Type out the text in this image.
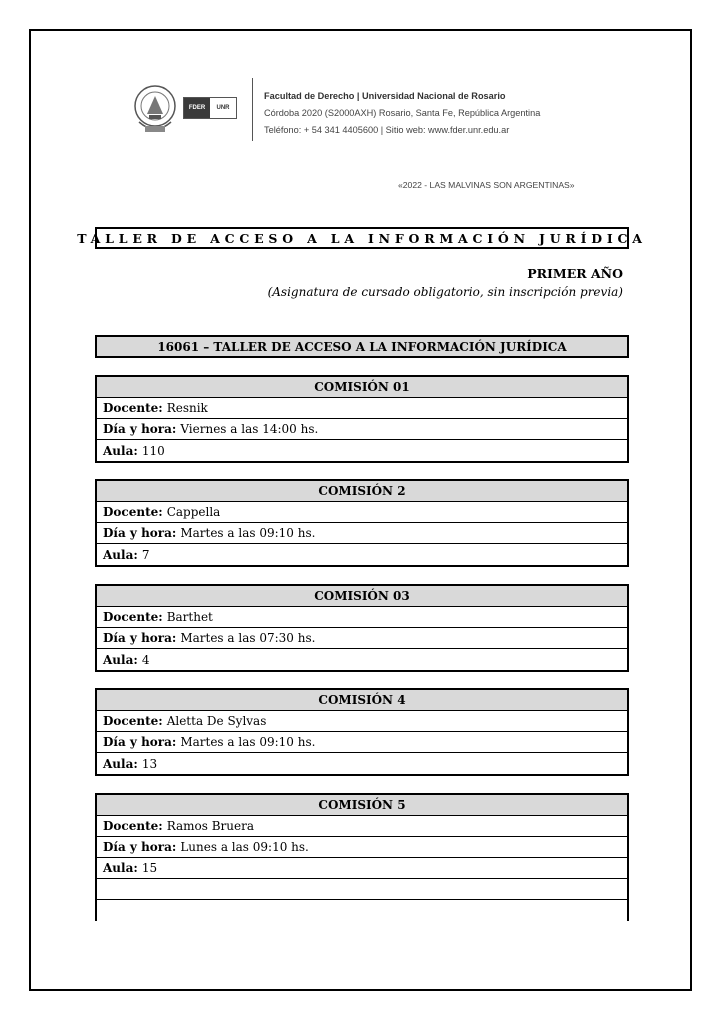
FDER	UNR
Facultad de Derecho | Universidad Nacional de Rosario
Córdoba 2020 (S2000AXH) Rosario, Santa Fe, República Argentina
Teléfono: + 54 341 4405600 | Sitio web: www.fder.unr.edu.ar
«2022 - LAS MALVINAS SON ARGENTINAS»
TALLER DE ACCESO A LA INFORMACIÓN JURÍDICA
PRIMER AÑO
(Asignatura de cursado obligatorio, sin inscripción previa)
16061 – TALLER DE ACCESO A LA INFORMACIÓN JURÍDICA
COMISIÓN 01
Docente: Resnik
Día y hora: Viernes a las 14:00 hs.
Aula: 110
COMISIÓN 2
Docente: Cappella
Día y hora: Martes a las 09:10 hs.
Aula: 7
COMISIÓN 03
Docente: Barthet
Día y hora: Martes a las 07:30 hs.
Aula: 4
COMISIÓN 4
Docente: Aletta De Sylvas
Día y hora: Martes a las 09:10 hs.
Aula: 13
COMISIÓN 5
Docente: Ramos Bruera
Día y hora: Lunes a las 09:10 hs.
Aula: 15
